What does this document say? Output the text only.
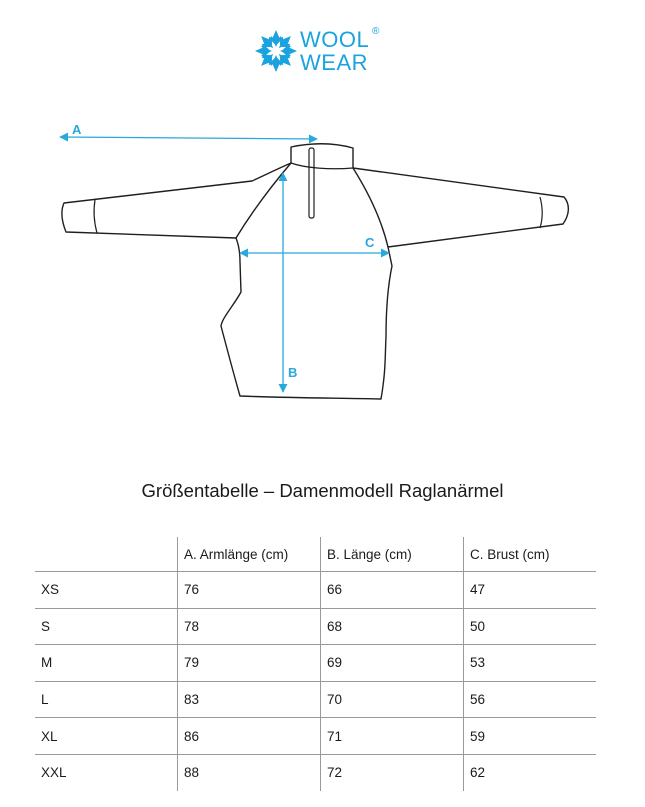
WOOL
WEAR
®
A
B
C
Größentabelle – Damenmodell Raglanärmel
	A. Armlänge (cm)	B. Länge (cm)	C. Brust (cm)
XS	76	66	47
S	78	68	50
M	79	69	53
L	83	70	56
XL	86	71	59
XXL	88	72	62
